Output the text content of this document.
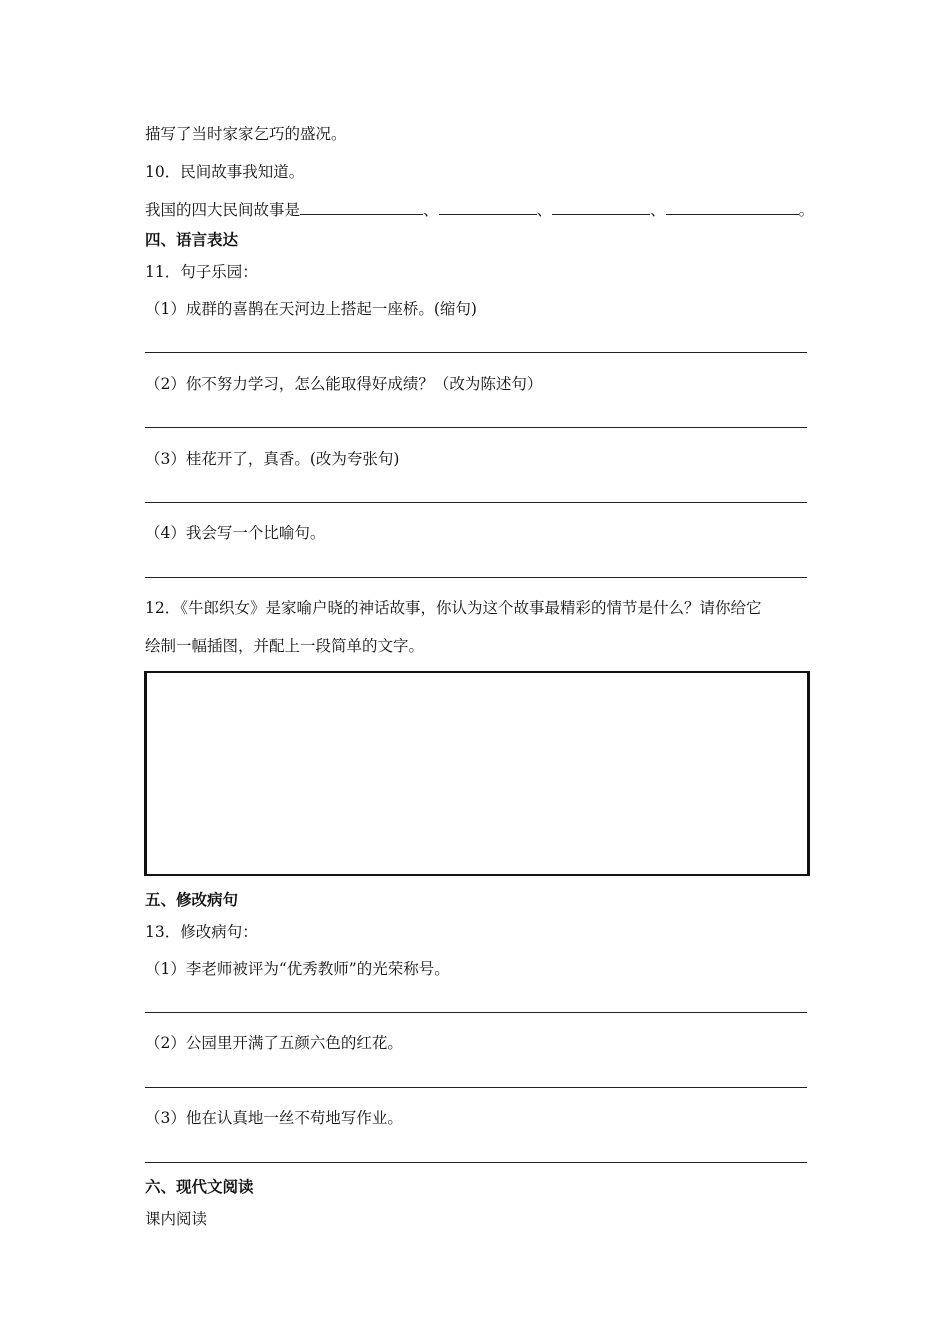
描写了当时家家乞巧的盛况。
10．民间故事我知道。
我国的四大民间故事是	、	、	、	。
四、语言表达
11．句子乐园：
（1）成群的喜鹊在天河边上搭起一座桥。(缩句)
（2）你不努力学习，怎么能取得好成绩？（改为陈述句）
（3）桂花开了，真香。(改为夸张句)
（4）我会写一个比喻句。
12．《牛郎织女》是家喻户晓的神话故事，你认为这个故事最精彩的情节是什么？请你给它
绘制一幅插图，并配上一段简单的文字。
五、修改病句
13．修改病句：
（1）李老师被评为“优秀教师”的光荣称号。
（2）公园里开满了五颜六色的红花。
（3）他在认真地一丝不苟地写作业。
六、现代文阅读
课内阅读
